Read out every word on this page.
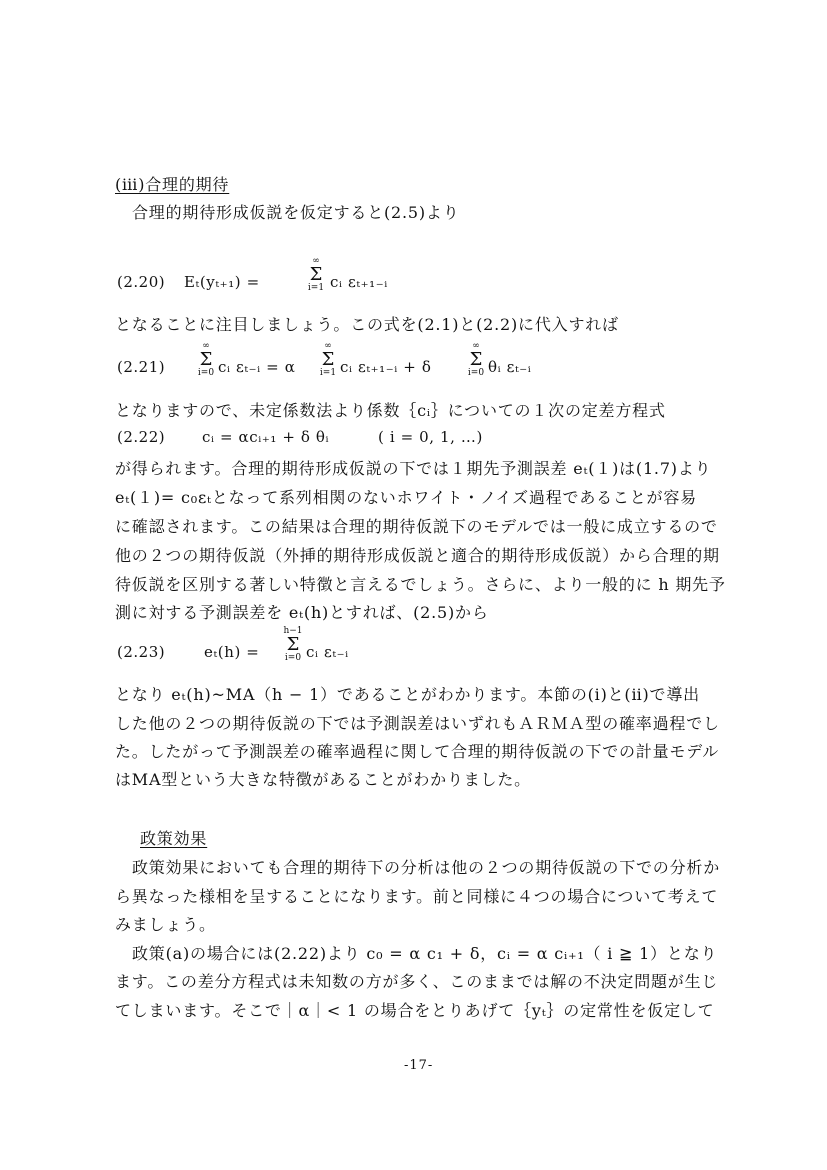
(ⅲ)合理的期待
合理的期待形成仮説を仮定すると(2.5)より
(2.20) Eₜ(yₜ₊₁) =
∞
Σ
i=1 cᵢ εₜ₊₁₋ᵢ
となることに注目しましょう。この式を(2.1)と(2.2)に代入すれば
(2.21)
∞
Σ
i=0 cᵢ εₜ₋ᵢ = α
∞
Σ
i=1 cᵢ εₜ₊₁₋ᵢ + δ
∞
Σ
i=0 θᵢ εₜ₋ᵢ
となりますので、未定係数法より係数｛cᵢ｝についての１次の定差方程式
(2.22) cᵢ = αcᵢ₊₁ + δ θᵢ	( i = 0, 1, …)
が得られます。合理的期待形成仮説の下では１期先予測誤差 eₜ(１)は(1.7)より
eₜ(１)= c₀εₜとなって系列相関のないホワイト・ノイズ過程であることが容易
に確認されます。この結果は合理的期待仮説下のモデルでは一般に成立するので
他の２つの期待仮説（外挿的期待形成仮説と適合的期待形成仮説）から合理的期
待仮説を区別する著しい特徴と言えるでしょう。さらに、より一般的に h 期先予
測に対する予測誤差を eₜ(h)とすれば、(2.5)から
(2.23)	eₜ(h) =
h−1
Σ
i=0 cᵢ εₜ₋ᵢ
となり eₜ(h)~MA（h − 1）であることがわかります。本節の(ⅰ)と(ⅱ)で導出
した他の２つの期待仮説の下では予測誤差はいずれもＡＲＭＡ型の確率過程でし
た。したがって予測誤差の確率過程に関して合理的期待仮説の下での計量モデル
はMA型という大きな特徴があることがわかりました。
政策効果
政策効果においても合理的期待下の分析は他の２つの期待仮説の下での分析か
ら異なった様相を呈することになります。前と同様に４つの場合について考えて
みましょう。
政策(a)の場合には(2.22)より c₀ = α c₁ + δ，cᵢ = α cᵢ₊₁（ i ≧ 1）となり
ます。この差分方程式は未知数の方が多く、このままでは解の不決定問題が生じ
てしまいます。そこで｜α｜< 1 の場合をとりあげて｛yₜ｝の定常性を仮定して
-17-
